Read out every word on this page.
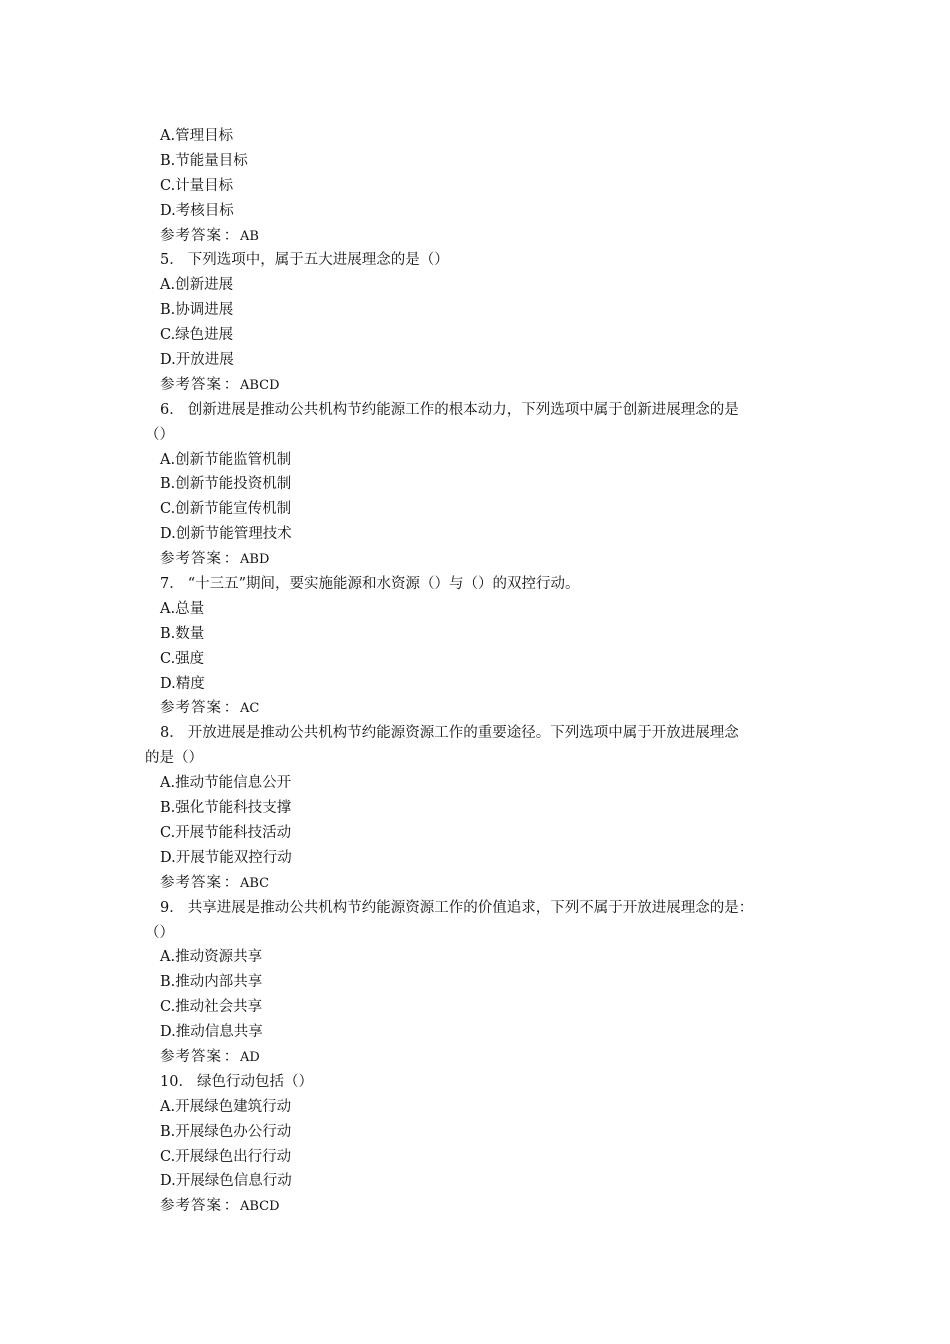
A.管理目标
B.节能量目标
C.计量目标
D.考核目标
参考答案 ： AB
5． 下列选项中，属于五大进展理念的是（）
A.创新进展
B.协调进展
C.绿色进展
D.开放进展
参考答案 ： ABCD
6． 创新进展是推动公共机构节约能源工作的根本动力，下列选项中属于创新进展理念的是
（）
A.创新节能监管机制
B.创新节能投资机制
C.创新节能宣传机制
D.创新节能管理技术
参考答案 ： ABD
7． “十三五”期间，要实施能源和水资源（）与（）的双控行动。
A.总量
B.数量
C.强度
D.精度
参考答案 ： AC
8． 开放进展是推动公共机构节约能源资源工作的重要途径。下列选项中属于开放进展理念
的是（）
A.推动节能信息公开
B.强化节能科技支撑
C.开展节能科技活动
D.开展节能双控行动
参考答案 ： ABC
9． 共享进展是推动公共机构节约能源资源工作的价值追求，下列不属于开放进展理念的是：
（）
A.推动资源共享
B.推动内部共享
C.推动社会共享
D.推动信息共享
参考答案 ： AD
10． 绿色行动包括（）
A.开展绿色建筑行动
B.开展绿色办公行动
C.开展绿色出行行动
D.开展绿色信息行动
参考答案 ： ABCD
